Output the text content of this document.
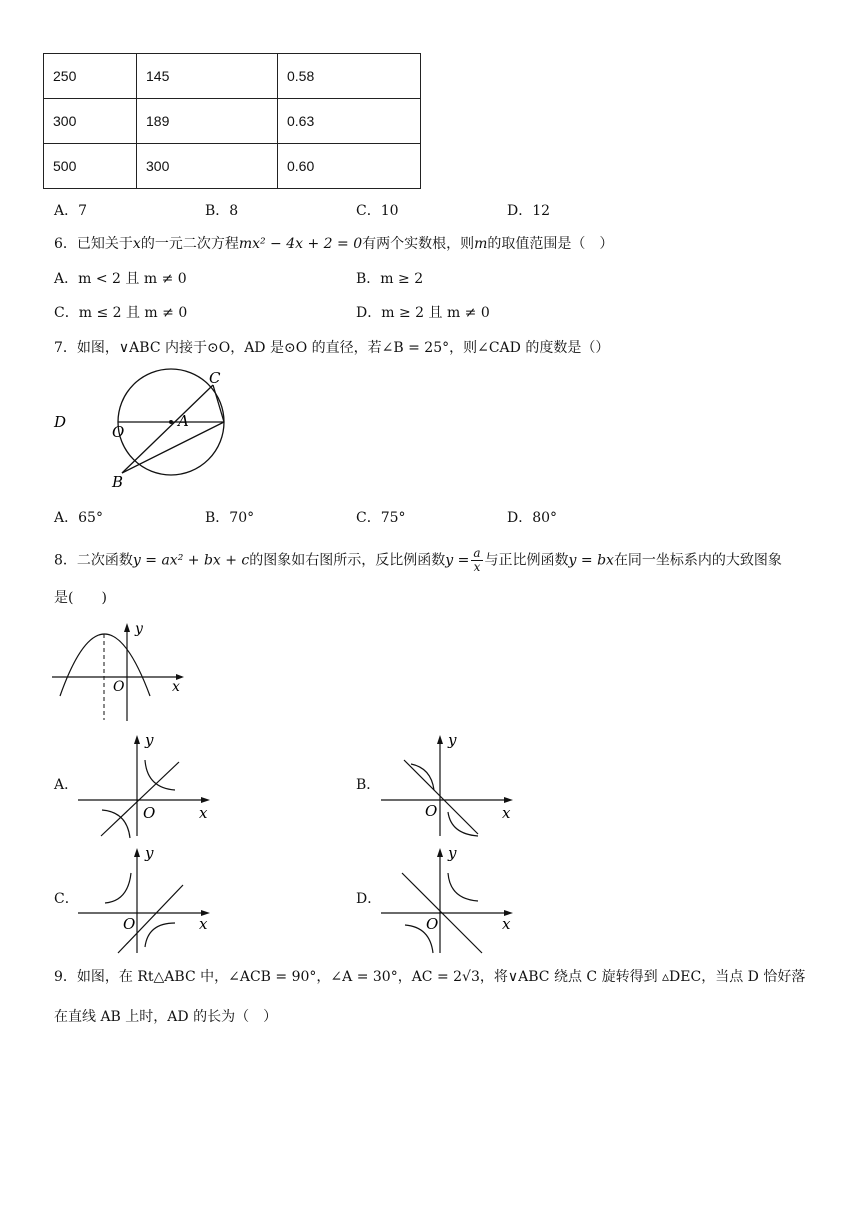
250	145	0.58
300	189	0.63
500	300	0.60
A．7	B．8	C．10	D．12
6．已知关于x的一元二次方程mx² − 4x + 2 = 0有两个实数根，则m的取值范围是（　）
A．m < 2 且 m ≠ 0	B．m ≥ 2
C．m ≤ 2 且 m ≠ 0	D．m ≥ 2 且 m ≠ 0
7．如图，∨ABC 内接于⊙O，AD 是⊙O 的直径，若∠B = 25°，则∠CAD 的度数是（）
C
D
O
A
B
A．65°	B．70°	C．75°	D．80°
8．二次函数y = ax² + bx + c的图象如右图所示，反比例函数$y = \frac{a}{x}$ 与正比例函数y = bx在同一坐标系内的大致图象
是(　　)
y
O	x
A．
y
O	x
B．
y
O	x
C．
y
O	x
D．
y
O	x
9．如图，在 Rt△ABC 中，∠ACB = 90°，∠A = 30°，AC = 2√3，将∨ABC 绕点 C 旋转得到 ▵DEC，当点 D 恰好落
在直线 AB 上时，AD 的长为（　）
